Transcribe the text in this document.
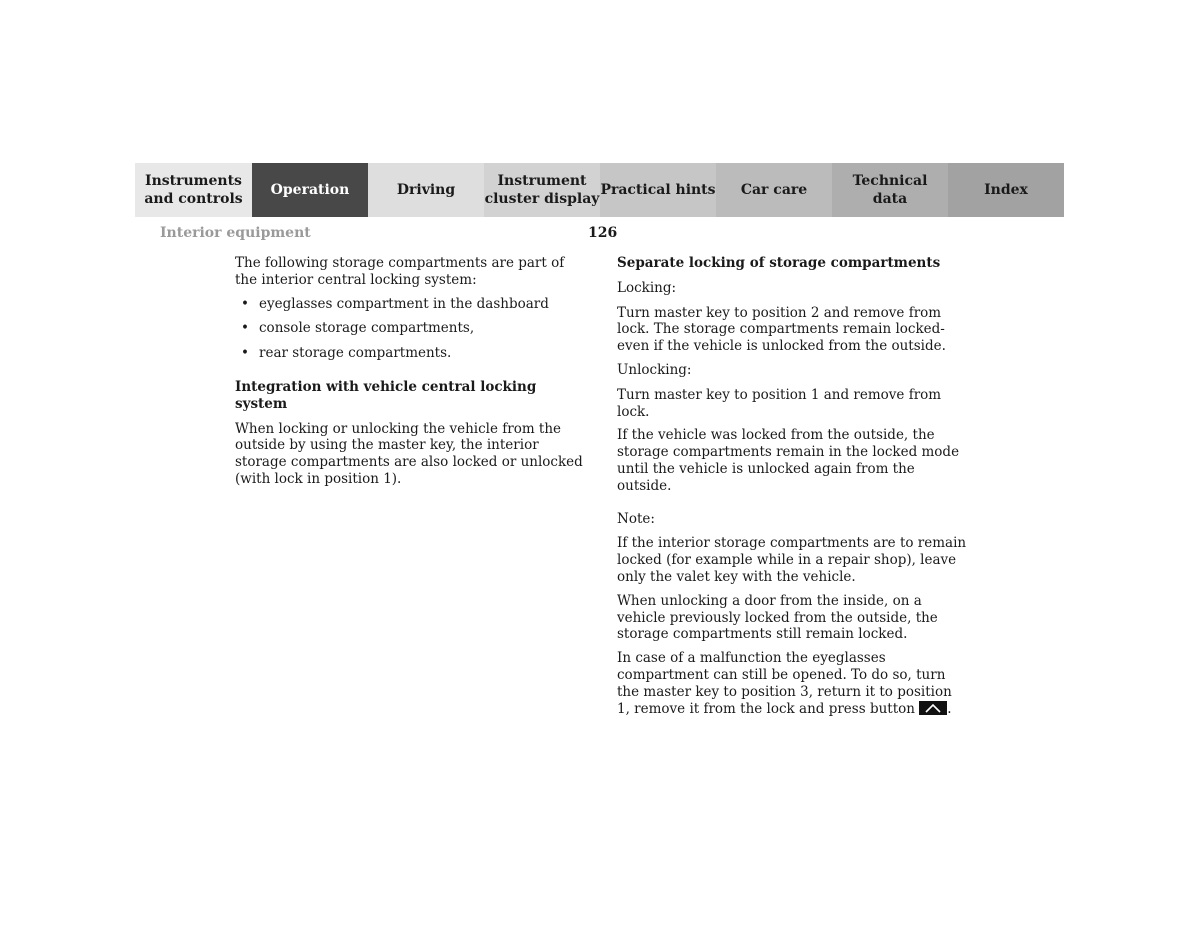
Instruments
and controls
Operation	Driving
Instrument
cluster display
Practical hints Car care
Technical
data
Index
Interior equipment	126

The following storage compartments are part of the interior central locking system:

• eyeglasses compartment in the dashboard
• console storage compartments,
• rear storage compartments.

Integration with vehicle central locking system

When locking or unlocking the vehicle from the outside by using the master key, the interior storage compartments are also locked or unlocked (with lock in position 1).

Separate locking of storage compartments

Locking:

Turn master key to position 2 and remove from lock. The storage compartments remain locked- even if the vehicle is unlocked from the outside.

Unlocking:

Turn master key to position 1 and remove from lock.

If the vehicle was locked from the outside, the storage compartments remain in the locked mode until the vehicle is unlocked again from the outside.

Note:

If the interior storage compartments are to remain locked (for example while in a repair shop), leave only the valet key with the vehicle.

When unlocking a door from the inside, on a vehicle previously locked from the outside, the storage compartments still remain locked.

In case of a malfunction the eyeglasses compartment can still be opened. To do so, turn the master key to position 3, return it to position 1, remove it from the lock and press button .
